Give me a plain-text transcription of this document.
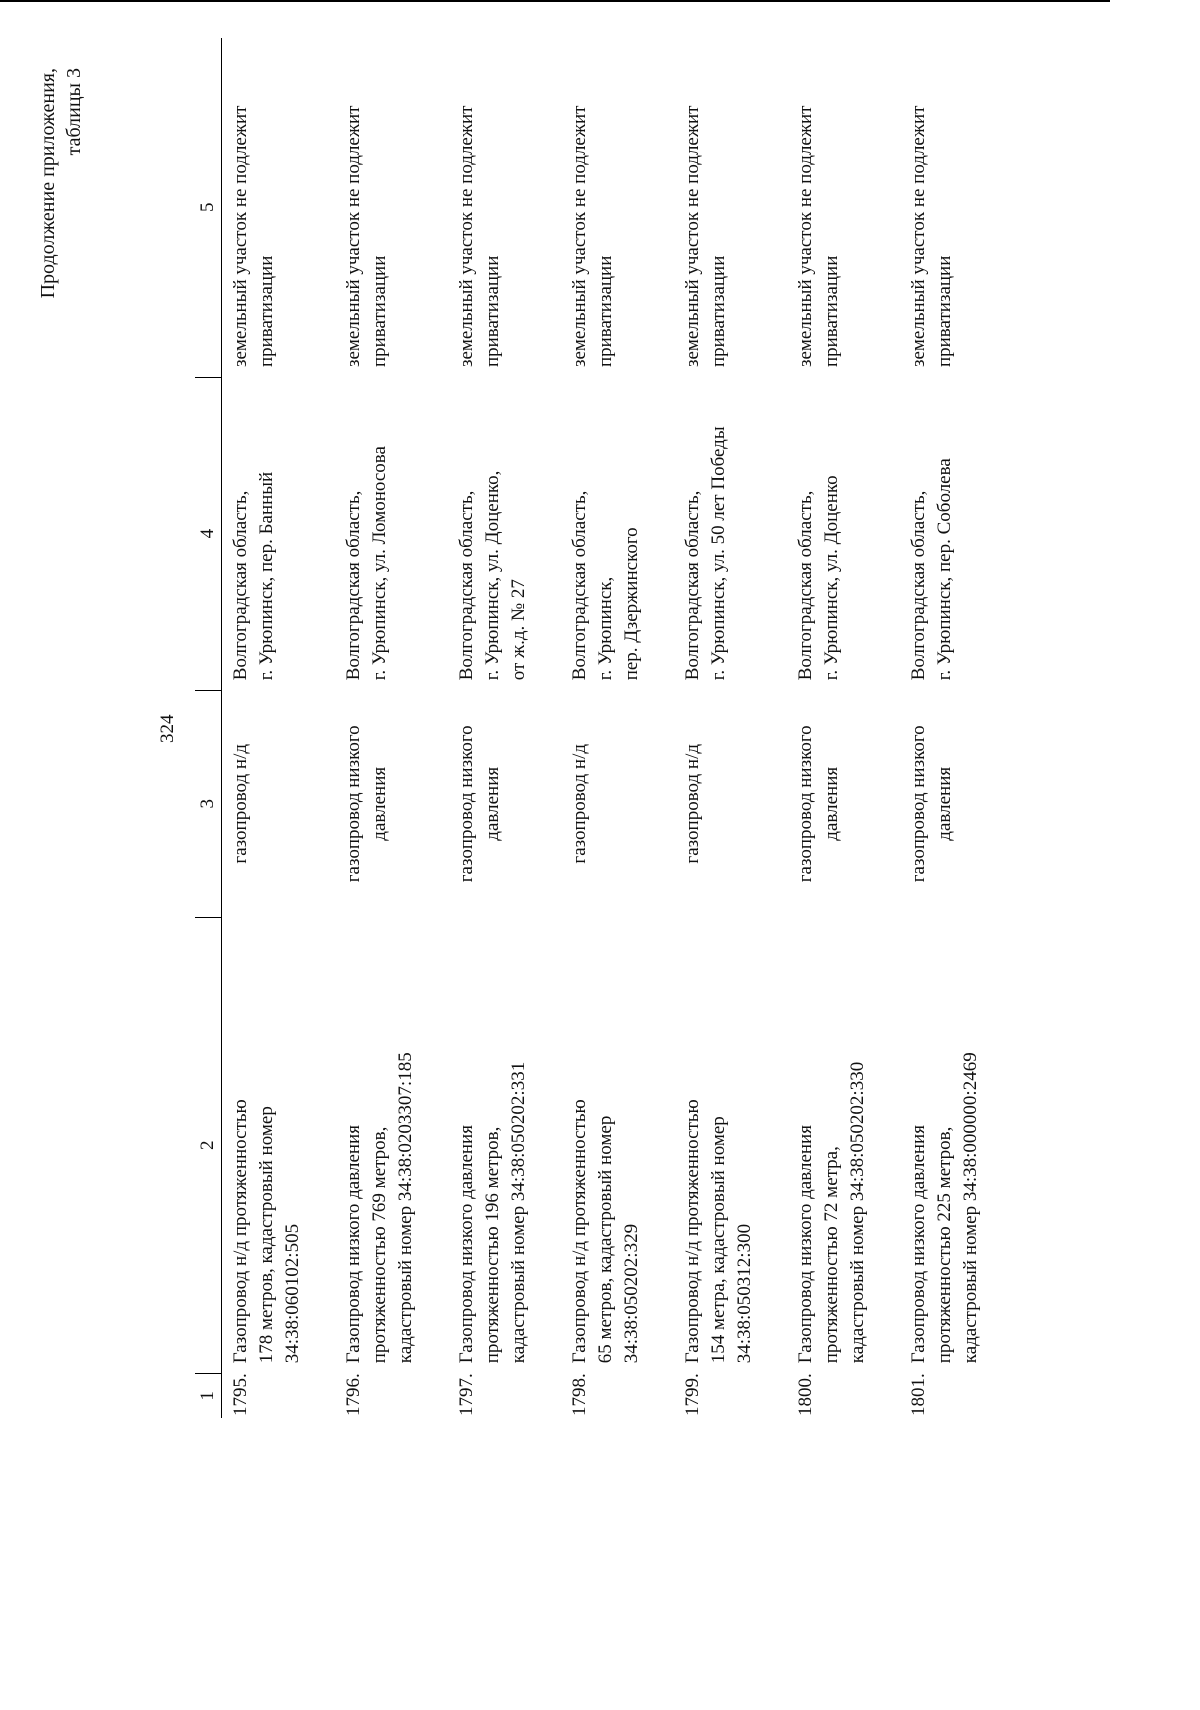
324
Продолжение приложения, таблицы 3
1	2	3	4	5
1795.	Газопровод н/д протяженностью 178 метров, кадастровый номер 34:38:060102:505	газопровод н/д	Волгоградская область, г. Урюпинск, пер. Банный	земельный участок не подлежит приватизации

1796.	Газопровод низкого давления протяженностью 769 метров, кадастровый номер 34:38:0203307:185	газопровод низкого давления	Волгоградская область, г. Урюпинск, ул. Ломоносова	земельный участок не подлежит приватизации

1797.	Газопровод низкого давления протяженностью 196 метров, кадастровый номер 34:38:050202:331	газопровод низкого давления	Волгоградская область, г. Урюпинск, ул. Доценко, от ж.д. № 27	земельный участок не подлежит приватизации

1798.	Газопровод н/д протяженностью 65 метров, кадастровый номер 34:38:050202:329	газопровод н/д	Волгоградская область, г. Урюпинск, пер. Дзержинского	земельный участок не подлежит приватизации

1799.	Газопровод н/д протяженностью 154 метра, кадастровый номер 34:38:050312:300	газопровод н/д	Волгоградская область, г. Урюпинск, ул. 50 лет Победы	земельный участок не подлежит приватизации

1800.	Газопровод низкого давления протяженностью 72 метра, кадастровый номер 34:38:050202:330	газопровод низкого давления	Волгоградская область, г. Урюпинск, ул. Доценко	земельный участок не подлежит приватизации

1801.	Газопровод низкого давления протяженностью 225 метров, кадастровый номер 34:38:000000:2469	газопровод низкого давления	Волгоградская область, г. Урюпинск, пер. Соболева	земельный участок не подлежит приватизации
